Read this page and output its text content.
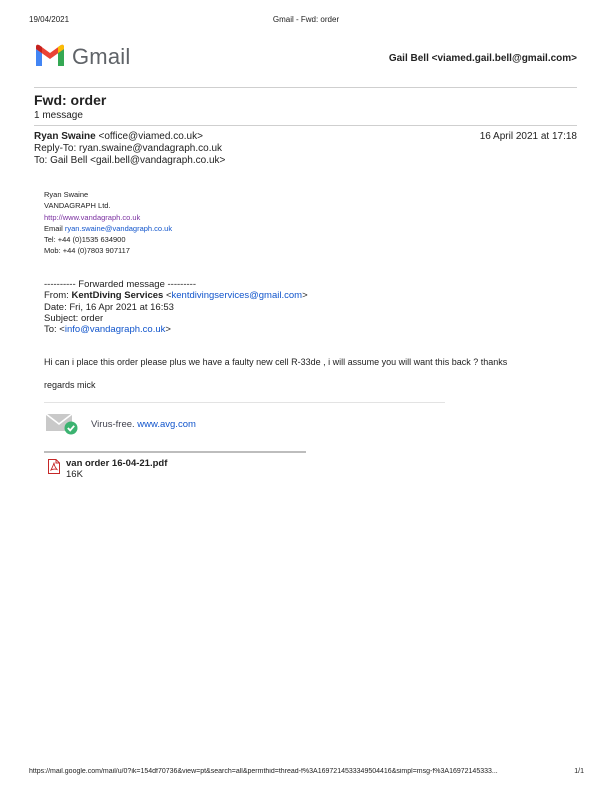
19/04/2021	Gmail - Fwd: order
Gmail	Gail Bell <viamed.gail.bell@gmail.com>
Fwd: order
1 message
Ryan Swaine <office@viamed.co.uk>	16 April 2021 at 17:18
Reply-To: ryan.swaine@vandagraph.co.uk
To: Gail Bell <gail.bell@vandagraph.co.uk>
Ryan Swaine
VANDAGRAPH Ltd.
http://www.vandagraph.co.uk
Email ryan.swaine@vandagraph.co.uk
Tel: +44 (0)1535 634900
Mob: +44 (0)7803 907117
---------- Forwarded message ---------
From: KentDiving Services <kentdivingservices@gmail.com>
Date: Fri, 16 Apr 2021 at 16:53
Subject: order
To: <info@vandagraph.co.uk>
Hi can i place this order please plus we have a faulty new cell R-33de , i will assume you will want this back ? thanks
regards mick
Virus-free. www.avg.com
van order 16-04-21.pdf
16K
https://mail.google.com/mail/u/0?ik=154df70736&view=pt&search=all&permthid=thread-f%3A1697214533349504416&simpl=msg-f%3A16972145333...	1/1
